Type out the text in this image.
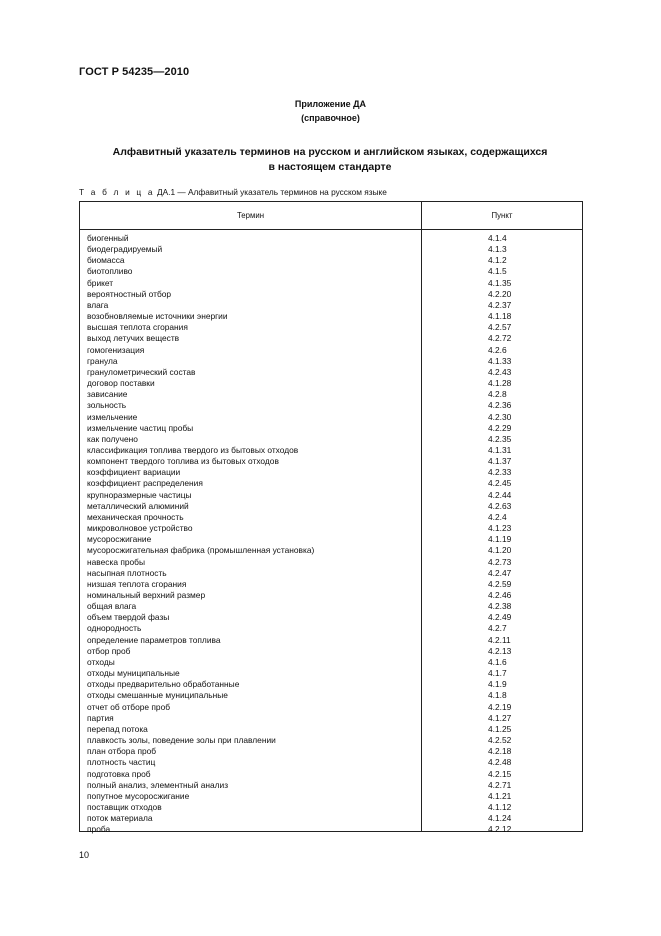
ГОСТ Р 54235—2010
Приложение ДА
(справочное)
Алфавитный указатель терминов на русском и английском языках, содержащихся
в настоящем стандарте
Т а б л и ц а ДА.1 — Алфавитный указатель терминов на русском языке
Термин	Пункт
биогенный	4.1.4
биодеградируемый	4.1.3
биомасса	4.1.2
биотопливо	4.1.5
брикет	4.1.35
вероятностный отбор	4.2.20
влага	4.2.37
возобновляемые источники энергии	4.1.18
высшая теплота сгорания	4.2.57
выход летучих веществ	4.2.72
гомогенизация	4.2.6
гранула	4.1.33
гранулометрический состав	4.2.43
договор поставки	4.1.28
зависание	4.2.8
зольность	4.2.36
измельчение	4.2.30
измельчение частиц пробы	4.2.29
как получено	4.2.35
классификация топлива твердого из бытовых отходов	4.1.31
компонент твердого топлива из бытовых отходов	4.1.37
коэффициент вариации	4.2.33
коэффициент распределения	4.2.45
крупноразмерные частицы	4.2.44
металлический алюминий	4.2.63
механическая прочность	4.2.4
микроволновое устройство	4.1.23
мусоросжигание	4.1.19
мусоросжигательная фабрика (промышленная установка)	4.1.20
навеска пробы	4.2.73
насыпная плотность	4.2.47
низшая теплота сгорания	4.2.59
номинальный верхний размер	4.2.46
общая влага	4.2.38
объем твердой фазы	4.2.49
однородность	4.2.7
определение параметров топлива	4.2.11
отбор проб	4.2.13
отходы	4.1.6
отходы муниципальные	4.1.7
отходы предварительно обработанные	4.1.9
отходы смешанные муниципальные	4.1.8
отчет об отборе проб	4.2.19
партия	4.1.27
перепад потока	4.1.25
плавкость золы, поведение золы при плавлении	4.2.52
план отбора проб	4.2.18
плотность частиц	4.2.48
подготовка проб	4.2.15
полный анализ, элементный анализ	4.2.71
попутное мусоросжигание	4.1.21
поставщик отходов	4.1.12
поток материала	4.1.24
проба	4.2.12
10
